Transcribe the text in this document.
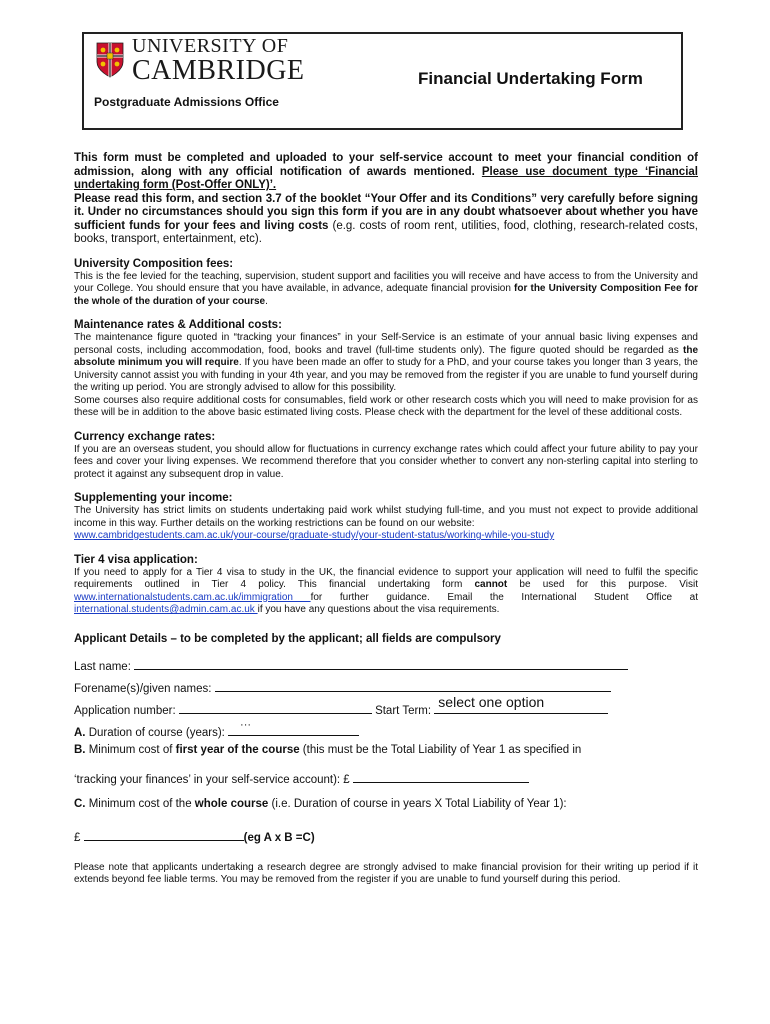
UNIVERSITY OF
CAMBRIDGE	Financial Undertaking Form
Postgraduate Admissions Office
This form must be completed and uploaded to your self-service account to meet your financial condition of admission, along with any official notification of awards mentioned. Please use document type ‘Financial undertaking form (Post-Offer ONLY)’.
Please read this form, and section 3.7 of the booklet “Your Offer and its Conditions” very carefully before signing it. Under no circumstances should you sign this form if you are in any doubt whatsoever about whether you have sufficient funds for your fees and living costs (e.g. costs of room rent, utilities, food, clothing, research-related costs, books, transport, entertainment, etc).
University Composition fees:
This is the fee levied for the teaching, supervision, student support and facilities you will receive and have access to from the University and your College. You should ensure that you have available, in advance, adequate financial provision for the University Composition Fee for the whole of the duration of your course.
Maintenance rates & Additional costs:
The maintenance figure quoted in “tracking your finances” in your Self-Service is an estimate of your annual basic living expenses and personal costs, including accommodation, food, books and travel (full-time students only). The figure quoted should be regarded as the absolute minimum you will require. If you have been made an offer to study for a PhD, and your course takes you longer than 3 years, the University cannot assist you with funding in your 4th year, and you may be removed from the register if you are unable to fund yourself during the writing up period. You are strongly advised to allow for this possibility.
Some courses also require additional costs for consumables, field work or other research costs which you will need to make provision for as these will be in addition to the above basic estimated living costs. Please check with the department for the level of these additional costs.
Currency exchange rates:
If you are an overseas student, you should allow for fluctuations in currency exchange rates which could affect your future ability to pay your fees and cover your living expenses. We recommend therefore that you consider whether to convert any non-sterling capital into sterling to protect it against any subsequent drop in value.
Supplementing your income:
The University has strict limits on students undertaking paid work whilst studying full-time, and you must not expect to provide additional income in this way. Further details on the working restrictions can be found on our website:
www.cambridgestudents.cam.ac.uk/your-course/graduate-study/your-student-status/working-while-you-study
Tier 4 visa application:
If you need to apply for a Tier 4 visa to study in the UK, the financial evidence to support your application will need to fulfil the specific requirements outlined in Tier 4 policy. This financial undertaking form cannot be used for this purpose. Visit www.internationalstudents.cam.ac.uk/immigration for further guidance. Email the International Student Office at international.students@admin.cam.ac.uk if you have any questions about the visa requirements.
Applicant Details – to be completed by the applicant; all fields are compulsory
Last name:
Forename(s)/given names:
Application number:	Start Term:
select one option
A. Duration of course (years):
···
B. Minimum cost of first year of the course (this must be the Total Liability of Year 1 as specified in
‘tracking your finances’ in your self-service account): £
C. Minimum cost of the whole course (i.e. Duration of course in years X Total Liability of Year 1):
£	(eg A x B =C)
Please note that applicants undertaking a research degree are strongly advised to make financial provision for their writing up period if it extends beyond fee liable terms. You may be removed from the register if you are unable to fund yourself during this period.
